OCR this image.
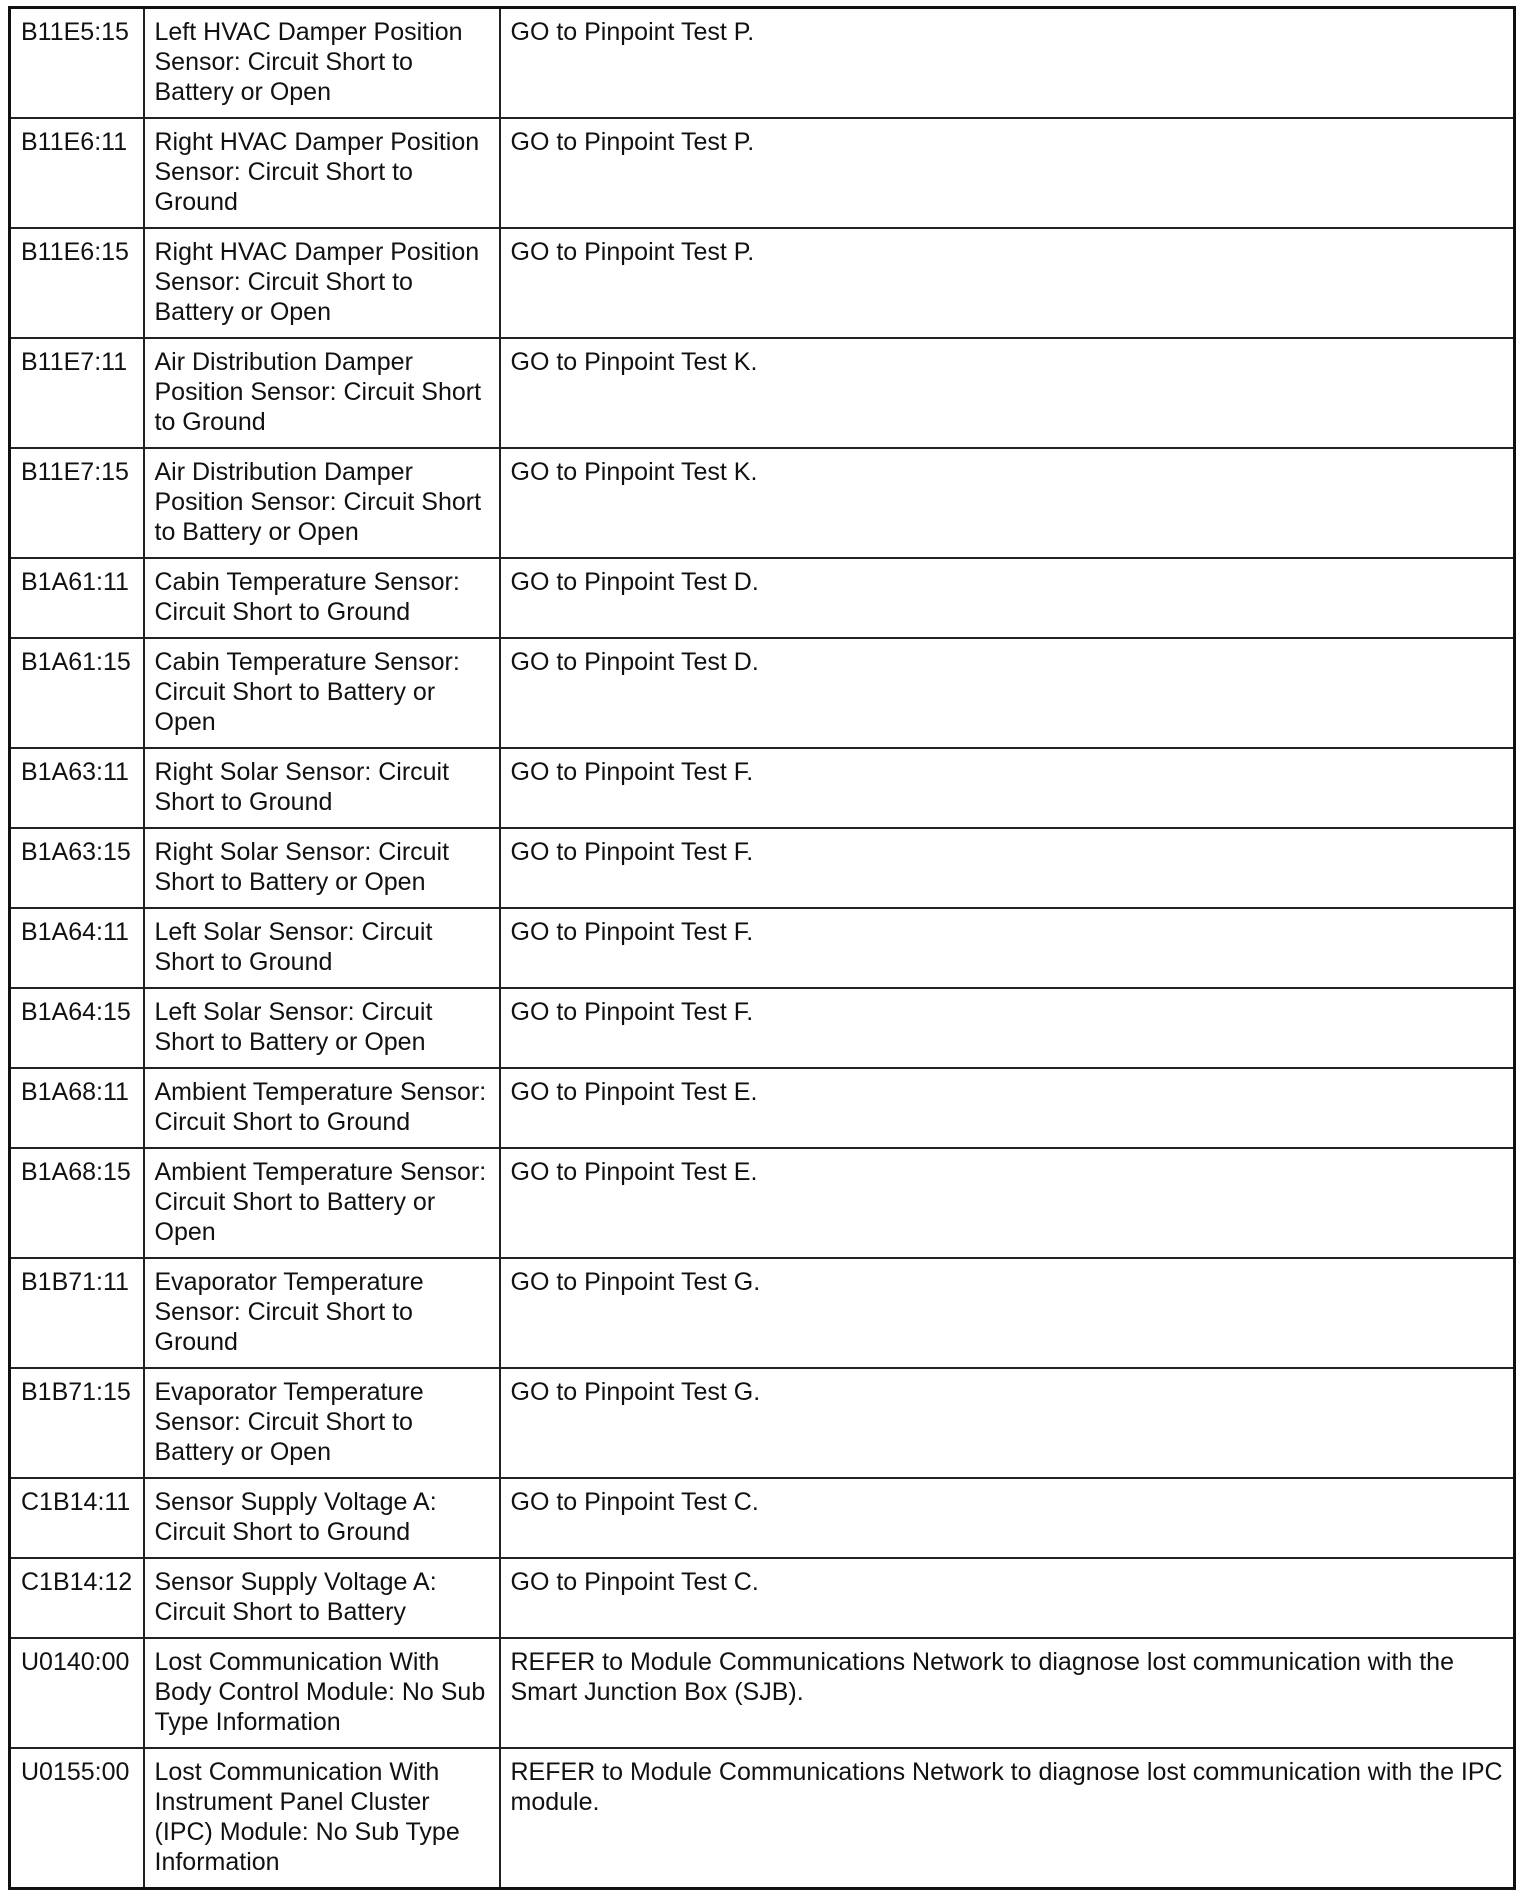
B11E5:15	Left HVAC Damper Position Sensor: Circuit Short to Battery or Open	GO to Pinpoint Test P.
B11E6:11	Right HVAC Damper Position Sensor: Circuit Short to Ground	GO to Pinpoint Test P.
B11E6:15	Right HVAC Damper Position Sensor: Circuit Short to Battery or Open	GO to Pinpoint Test P.
B11E7:11	Air Distribution Damper Position Sensor: Circuit Short to Ground	GO to Pinpoint Test K.
B11E7:15	Air Distribution Damper Position Sensor: Circuit Short to Battery or Open	GO to Pinpoint Test K.
B1A61:11	Cabin Temperature Sensor: Circuit Short to Ground	GO to Pinpoint Test D.
B1A61:15	Cabin Temperature Sensor: Circuit Short to Battery or Open	GO to Pinpoint Test D.
B1A63:11	Right Solar Sensor: Circuit Short to Ground	GO to Pinpoint Test F.
B1A63:15	Right Solar Sensor: Circuit Short to Battery or Open	GO to Pinpoint Test F.
B1A64:11	Left Solar Sensor: Circuit Short to Ground	GO to Pinpoint Test F.
B1A64:15	Left Solar Sensor: Circuit Short to Battery or Open	GO to Pinpoint Test F.
B1A68:11	Ambient Temperature Sensor: Circuit Short to Ground	GO to Pinpoint Test E.
B1A68:15	Ambient Temperature Sensor: Circuit Short to Battery or Open	GO to Pinpoint Test E.
B1B71:11	Evaporator Temperature Sensor: Circuit Short to Ground	GO to Pinpoint Test G.
B1B71:15	Evaporator Temperature Sensor: Circuit Short to Battery or Open	GO to Pinpoint Test G.
C1B14:11	Sensor Supply Voltage A: Circuit Short to Ground	GO to Pinpoint Test C.
C1B14:12	Sensor Supply Voltage A: Circuit Short to Battery	GO to Pinpoint Test C.
U0140:00	Lost Communication With Body Control Module: No Sub Type Information	REFER to Module Communications Network to diagnose lost communication with the Smart Junction Box (SJB).
U0155:00	Lost Communication With Instrument Panel Cluster (IPC) Module: No Sub Type Information	REFER to Module Communications Network to diagnose lost communication with the IPC module.
